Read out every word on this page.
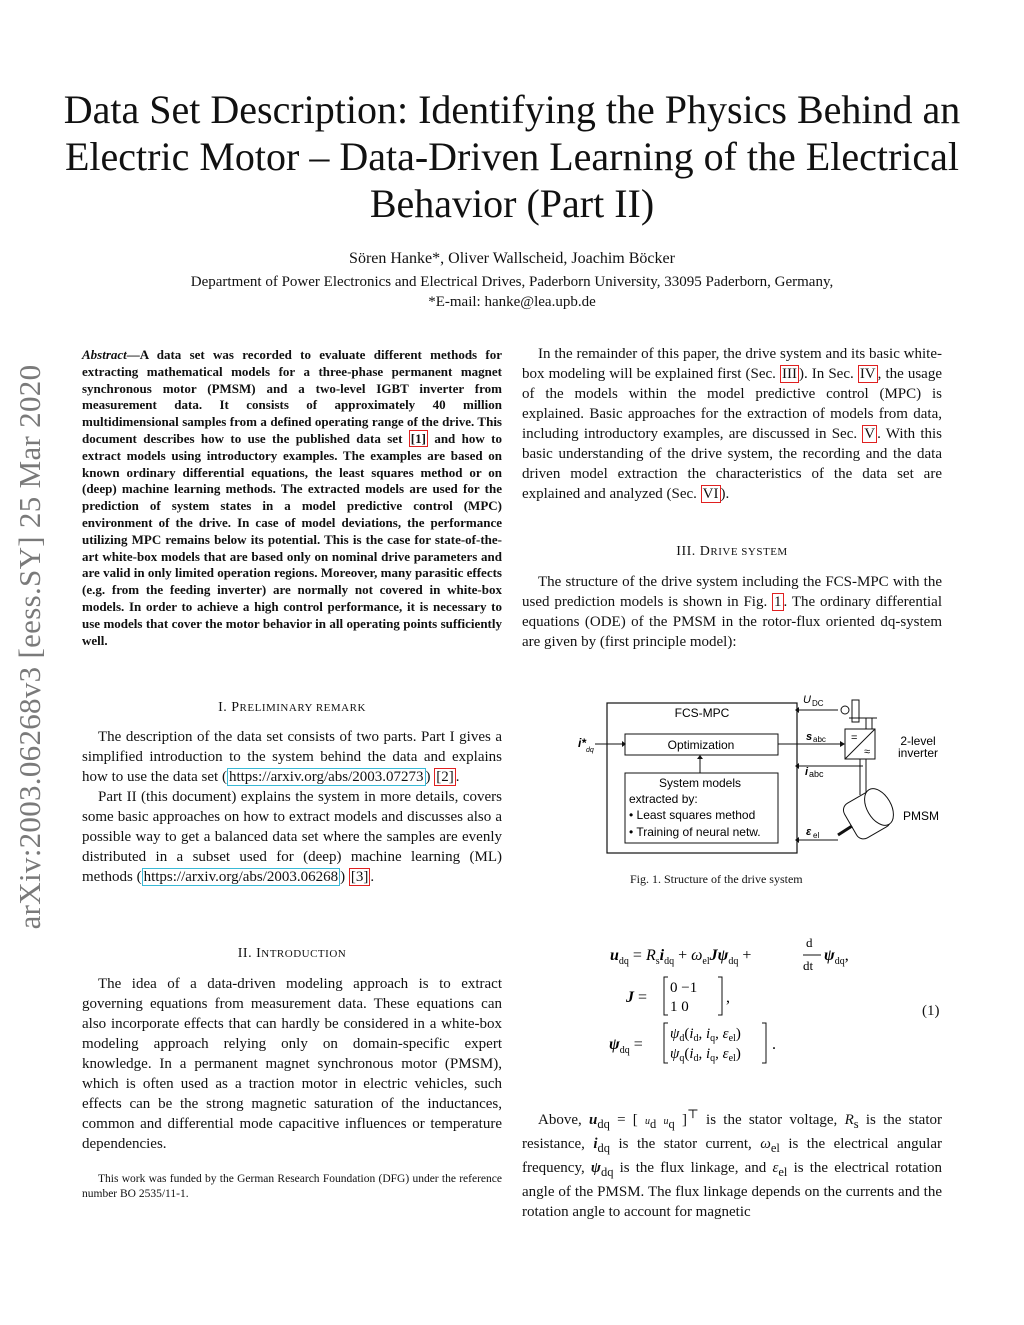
arXiv:2003.06268v3 [eess.SY] 25 Mar 2020
Data Set Description: Identifying the Physics Behind an Electric Motor – Data-Driven Learning of the Electrical Behavior (Part II)
Sören Hanke*, Oliver Wallscheid, Joachim Böcker
Department of Power Electronics and Electrical Drives, Paderborn University, 33095 Paderborn, Germany,
*E-mail: hanke@lea.upb.de
Abstract—A data set was recorded to evaluate different methods for extracting mathematical models for a three-phase permanent magnet synchronous motor (PMSM) and a two-level IGBT inverter from measurement data. It consists of approximately 40 million multidimensional samples from a defined operating range of the drive. This document describes how to use the published data set [1] and how to extract models using introductory examples. The examples are based on known ordinary differential equations, the least squares method or on (deep) machine learning methods. The extracted models are used for the prediction of system states in a model predictive control (MPC) environment of the drive. In case of model deviations, the performance utilizing MPC remains below its potential. This is the case for state-of-the-art white-box models that are based only on nominal drive parameters and are valid in only limited operation regions. Moreover, many parasitic effects (e.g. from the feeding inverter) are normally not covered in white-box models. In order to achieve a high control performance, it is necessary to use models that cover the motor behavior in all operating points sufficiently well.
I. PRELIMINARY REMARK

The description of the data set consists of two parts. Part I gives a simplified introduction to the system behind the data and explains how to use the data set ( https://arxiv.org/abs/2003.07273 ) [2] .

Part II (this document) explains the system in more details, covers some basic approaches on how to extract models and discusses also a possible way to get a balanced data set where the samples are evenly distributed in a subset used for (deep) machine learning (ML) methods ( https://arxiv.org/abs/2003.06268 ) [3] .

II. INTRODUCTION

The idea of a data-driven modeling approach is to extract governing equations from measurement data. These equations can also incorporate effects that can hardly be considered in a white-box modeling approach relying only on domain-specific expert knowledge. In a permanent magnet synchronous motor (PMSM), which is often used as a traction motor in electric vehicles, such effects can be the strong magnetic saturation of the inductances, common and differential mode capacitive influences or temperature dependencies.

This work was funded by the German Research Foundation (DFG) under the reference number BO 2535/11-1.

In the remainder of this paper, the drive system and its basic white-box modeling will be explained first (Sec. III ). In Sec. IV , the usage of the models within the model predictive control (MPC) is explained. Basic approaches for the extraction of models from data, including introductory examples, are discussed in Sec. V . With this basic understanding of the drive system, the recording and the data driven model extraction the characteristics of the data set are explained and analyzed (Sec. VI ).

III. DRIVE SYSTEM

The structure of the drive system including the FCS-MPC with the used prediction models is shown in Fig. 1 . The ordinary differential equations (ODE) of the PMSM in the rotor-flux oriented dq-system are given by (first principle model):

FCS-MPC
Optimization
System models
extracted by:
• Least squares method
• Training of neural netw.
i*
dq
s abc =
≈
2-level
inverter
U DC
i abc
PMSM
ε el
Fig. 1. Structure of the drive system
$u_{dq} = R_si_{dq} + \omega_{el}J\psi_{dq}$ +
d
dt
$\psi_{dq}$,
J =
0 −1
1 0
,
$\psi_{dq}$ =
$\psi_d(i_d$, $i_q$, $\varepsilon_{el}$)
$\psi_q(i_d$, $i_q$, $\varepsilon_{el}$)
.
(1)

Above, $u_{dq}$ = [ $u_d$ $u_q$ ]⊤ is the stator voltage, $R_s$ is the stator resistance, $i_{dq}$ is the stator current, $\omega_{el}$ is the electrical angular frequency, $\psi_{dq}$ is the flux linkage, and $\varepsilon_{el}$ is the electrical rotation angle of the PMSM. The flux linkage depends on the currents and the rotation angle to account for magnetic
